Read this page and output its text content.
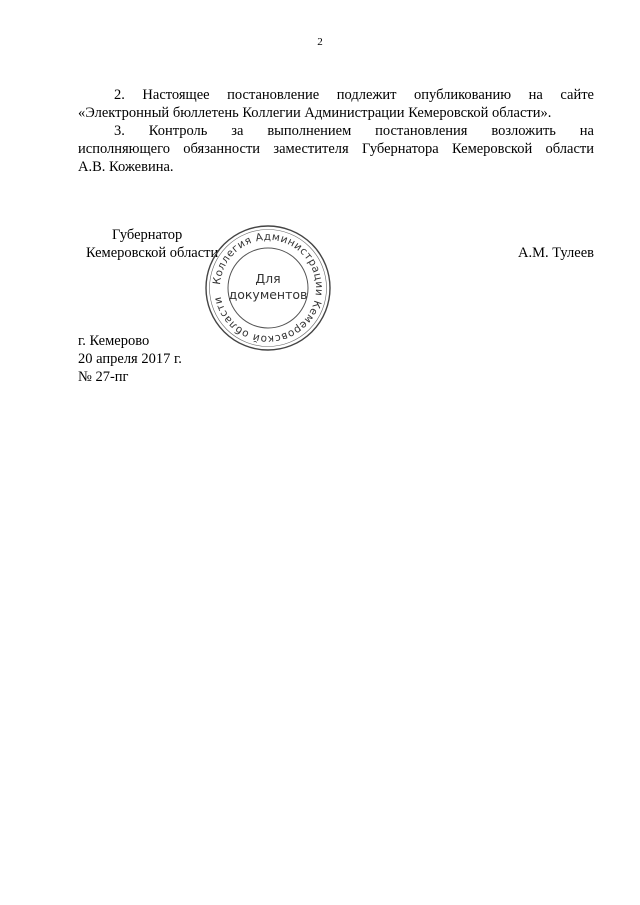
2
2. Настоящее постановление подлежит опубликованию на сайте
«Электронный бюллетень Коллегии Администрации Кемеровской области».
3. Контроль за выполнением постановления возложить на
исполняющего обязанности заместителя Губернатора Кемеровской области
А.В. Кожевина.
Губернатор
Кемеровской области	А.М. Тулеев
Коллегия Администрации Кемеровской области
Для
документов
г. Кемерово
20 апреля 2017 г.
№ 27-пг
